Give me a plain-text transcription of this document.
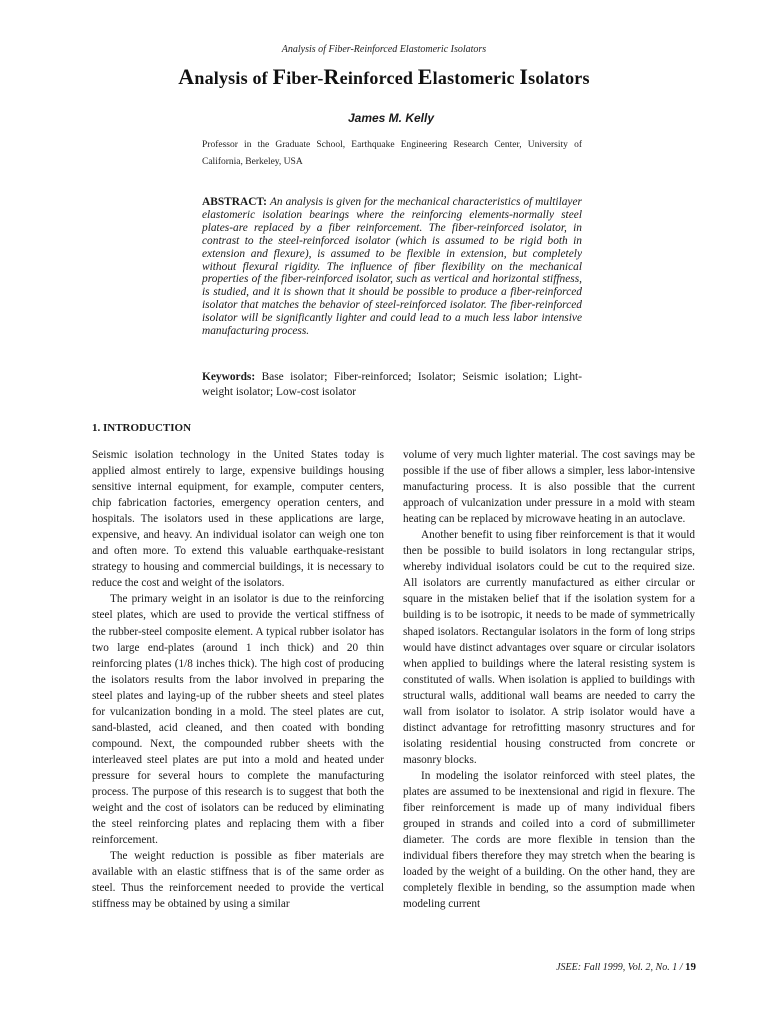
Analysis of Fiber-Reinforced Elastomeric Isolators
Analysis of Fiber-Reinforced Elastomeric Isolators
James M. Kelly
Professor in the Graduate School, Earthquake Engineering Research Center, University of California, Berkeley, USA
ABSTRACT: An analysis is given for the mechanical characteristics of multilayer elastomeric isolation bearings where the reinforcing elements-normally steel plates-are replaced by a fiber reinforcement. The fiber-reinforced isolator, in contrast to the steel-reinforced isolator (which is assumed to be rigid both in extension and flexure), is assumed to be flexible in extension, but completely without flexural rigidity. The influence of fiber flexibility on the mechanical properties of the fiber-reinforced isolator, such as vertical and horizontal stiffness, is studied, and it is shown that it should be possible to produce a fiber-reinforced isolator that matches the behavior of steel-reinforced isolator. The fiber-reinforced isolator will be significantly lighter and could lead to a much less labor intensive manufacturing process.
Keywords: Base isolator; Fiber-reinforced; Isolator; Seismic isolation; Light-weight isolator; Low-cost isolator
1. INTRODUCTION

Seismic isolation technology in the United States today is applied almost entirely to large, expensive buildings housing sensitive internal equipment, for example, computer centers, chip fabrication factories, emergency operation centers, and hospitals. The isolators used in these applications are large, expensive, and heavy. An individual isolator can weigh one ton and often more. To extend this valuable earthquake-resistant strategy to housing and commercial buildings, it is necessary to reduce the cost and weight of the isolators.

The primary weight in an isolator is due to the reinforcing steel plates, which are used to provide the vertical stiffness of the rubber-steel composite element. A typical rubber isolator has two large end-plates (around 1 inch thick) and 20 thin reinforcing plates (1/8 inches thick). The high cost of producing the isolators results from the labor involved in preparing the steel plates and laying-up of the rubber sheets and steel plates for vulcanization bonding in a mold. The steel plates are cut, sand-blasted, acid cleaned, and then coated with bonding compound. Next, the compounded rubber sheets with the interleaved steel plates are put into a mold and heated under pressure for several hours to complete the manufacturing process. The purpose of this research is to suggest that both the weight and the cost of isolators can be reduced by eliminating the steel reinforcing plates and replacing them with a fiber reinforcement.

The weight reduction is possible as fiber materials are available with an elastic stiffness that is of the same order as steel. Thus the reinforcement needed to provide the vertical stiffness may be obtained by using a similar

volume of very much lighter material. The cost savings may be possible if the use of fiber allows a simpler, less labor-intensive manufacturing process. It is also possible that the current approach of vulcanization under pressure in a mold with steam heating can be replaced by microwave heating in an autoclave.

Another benefit to using fiber reinforcement is that it would then be possible to build isolators in long rectangular strips, whereby individual isolators could be cut to the required size. All isolators are currently manufactured as either circular or square in the mistaken belief that if the isolation system for a building is to be isotropic, it needs to be made of symmetrically shaped isolators. Rectangular isolators in the form of long strips would have distinct advantages over square or circular isolators when applied to buildings where the lateral resisting system is constituted of walls. When isolation is applied to buildings with structural walls, additional wall beams are needed to carry the wall from isolator to isolator. A strip isolator would have a distinct advantage for retrofitting masonry structures and for isolating residential housing constructed from concrete or masonry blocks.

In modeling the isolator reinforced with steel plates, the plates are assumed to be inextensional and rigid in flexure. The fiber reinforcement is made up of many individual fibers grouped in strands and coiled into a cord of submillimeter diameter. The cords are more flexible in tension than the individual fibers therefore they may stretch when the bearing is loaded by the weight of a building. On the other hand, they are completely flexible in bending, so the assumption made when modeling current

JSEE: Fall 1999, Vol. 2, No. 1 / 19
